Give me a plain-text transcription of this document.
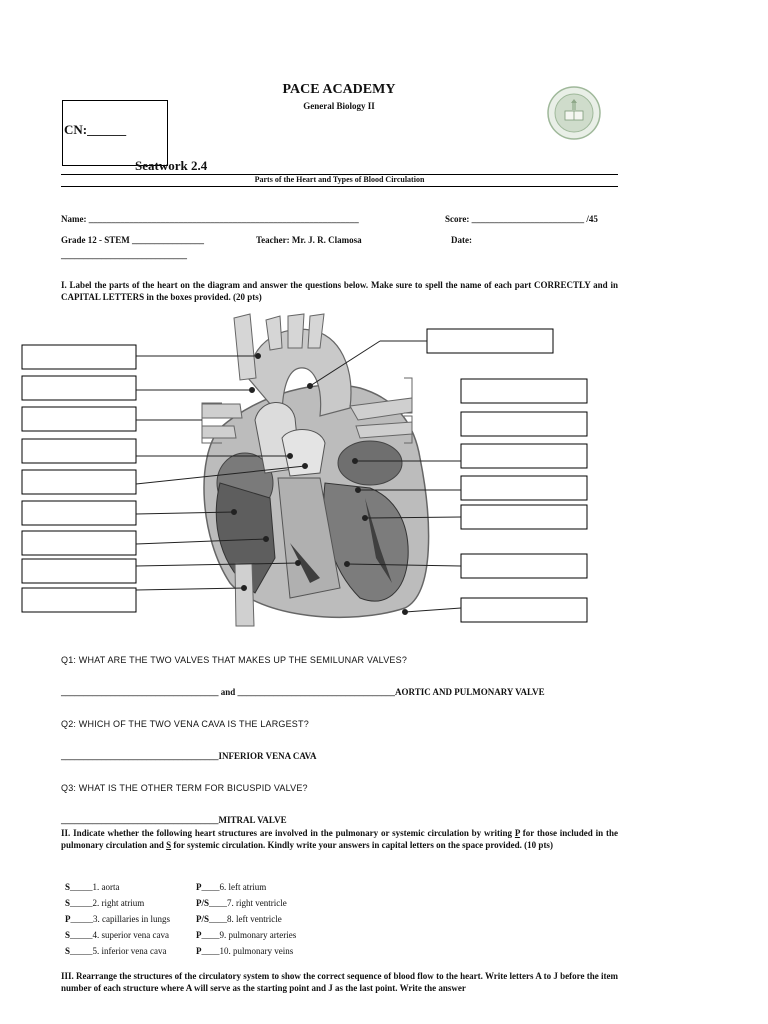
PACE ACADEMY
General Biology II
CN:______
Seatwork 2.4
Parts of the Heart and Types of Blood Circulation
Name: ____________________________________________________________	Score: _________________________ /45
Grade 12 - STEM ________________	Teacher: Mr. J. R. Clamosa	Date:
____________________________
I. Label the parts of the heart on the diagram and answer the questions below. Make sure to spell the name of each part CORRECTLY and in CAPITAL LETTERS in the boxes provided. (20 pts)
Q1: WHAT ARE THE TWO VALVES THAT MAKES UP THE SEMILUNAR VALVES?
___________________________________ and ___________________________________AORTIC AND PULMONARY VALVE
Q2: WHICH OF THE TWO VENA CAVA IS THE LARGEST?
___________________________________INFERIOR VENA CAVA
Q3: WHAT IS THE OTHER TERM FOR BICUSPID VALVE?
___________________________________MITRAL VALVE
II. Indicate whether the following heart structures are involved in the pulmonary or systemic circulation by writing P for those included in the pulmonary circulation and S for systemic circulation. Kindly write your answers in capital letters on the space provided. (10 pts)
S_____1. aorta
S_____2. right atrium
P_____3. capillaries in lungs
S_____4. superior vena cava
S_____5. inferior vena cava
P____6. left atrium
P/S____7. right ventricle
P/S____8. left ventricle
P____9. pulmonary arteries
P____10. pulmonary veins
III. Rearrange the structures of the circulatory system to show the correct sequence of blood flow to the heart. Write letters A to J before the item number of each structure where A will serve as the starting point and J as the last point. Write the answer
